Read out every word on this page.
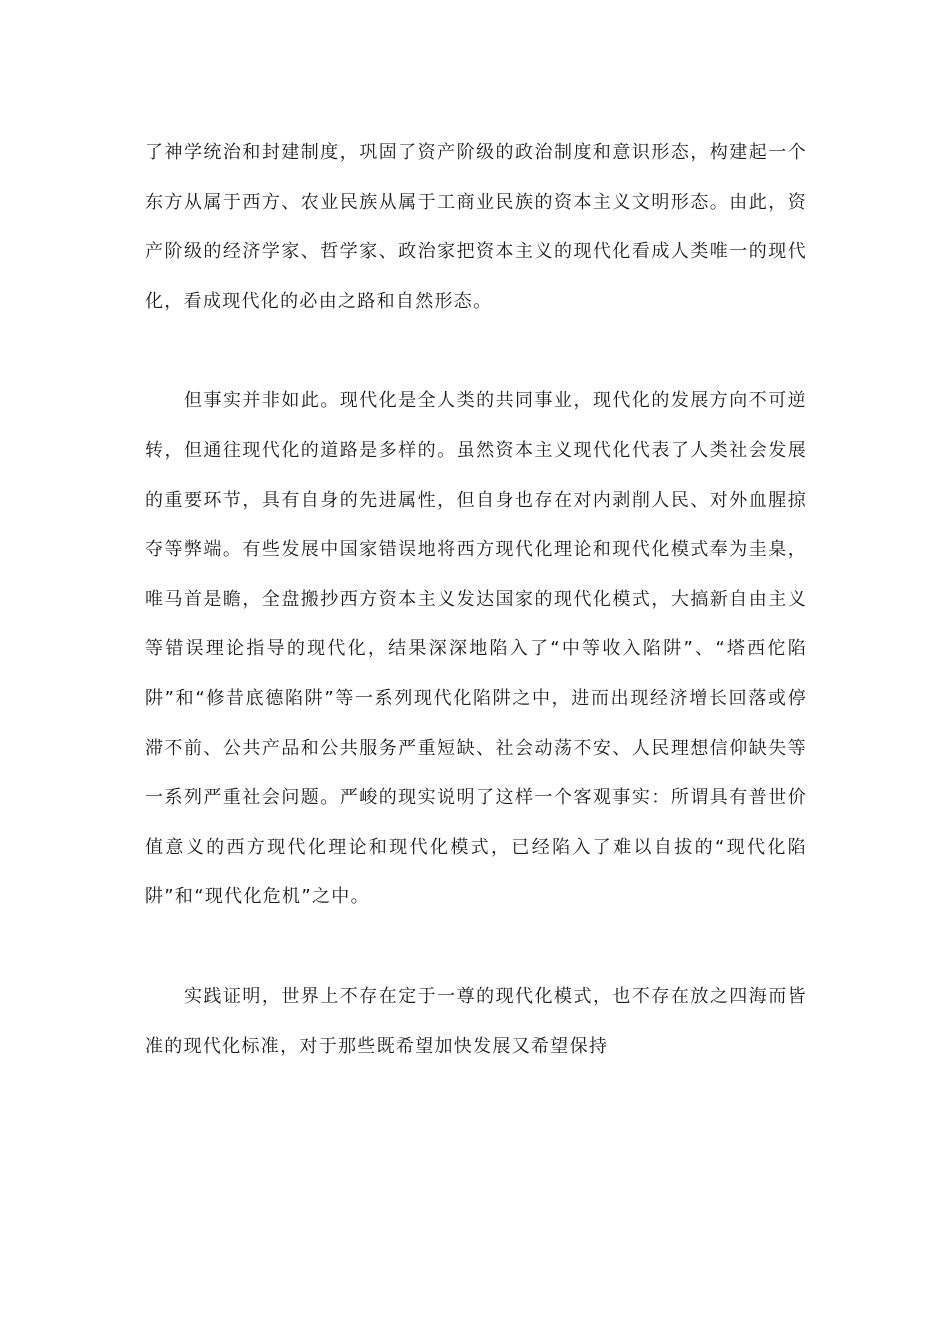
了神学统治和封建制度，巩固了资产阶级的政治制度和意识形态，构建起一个东方从属于西方、农业民族从属于工商业民族的资本主义文明形态。由此，资产阶级的经济学家、哲学家、政治家把资本主义的现代化看成人类唯一的现代化，看成现代化的必由之路和自然形态。

但事实并非如此。现代化是全人类的共同事业，现代化的发展方向不可逆转，但通往现代化的道路是多样的。虽然资本主义现代化代表了人类社会发展的重要环节，具有自身的先进属性，但自身也存在对内剥削人民、对外血腥掠夺等弊端。有些发展中国家错误地将西方现代化理论和现代化模式奉为圭臬，唯马首是瞻，全盘搬抄西方资本主义发达国家的现代化模式，大搞新自由主义等错误理论指导的现代化，结果深深地陷入了“中等收入陷阱”、“塔西佗陷阱”和“修昔底德陷阱”等一系列现代化陷阱之中，进而出现经济增长回落或停滞不前、公共产品和公共服务严重短缺、社会动荡不安、人民理想信仰缺失等一系列严重社会问题。严峻的现实说明了这样一个客观事实：所谓具有普世价值意义的西方现代化理论和现代化模式，已经陷入了难以自拔的“现代化陷阱”和“现代化危机”之中。

实践证明，世界上不存在定于一尊的现代化模式，也不存在放之四海而皆准的现代化标准，对于那些既希望加快发展又希望保持
